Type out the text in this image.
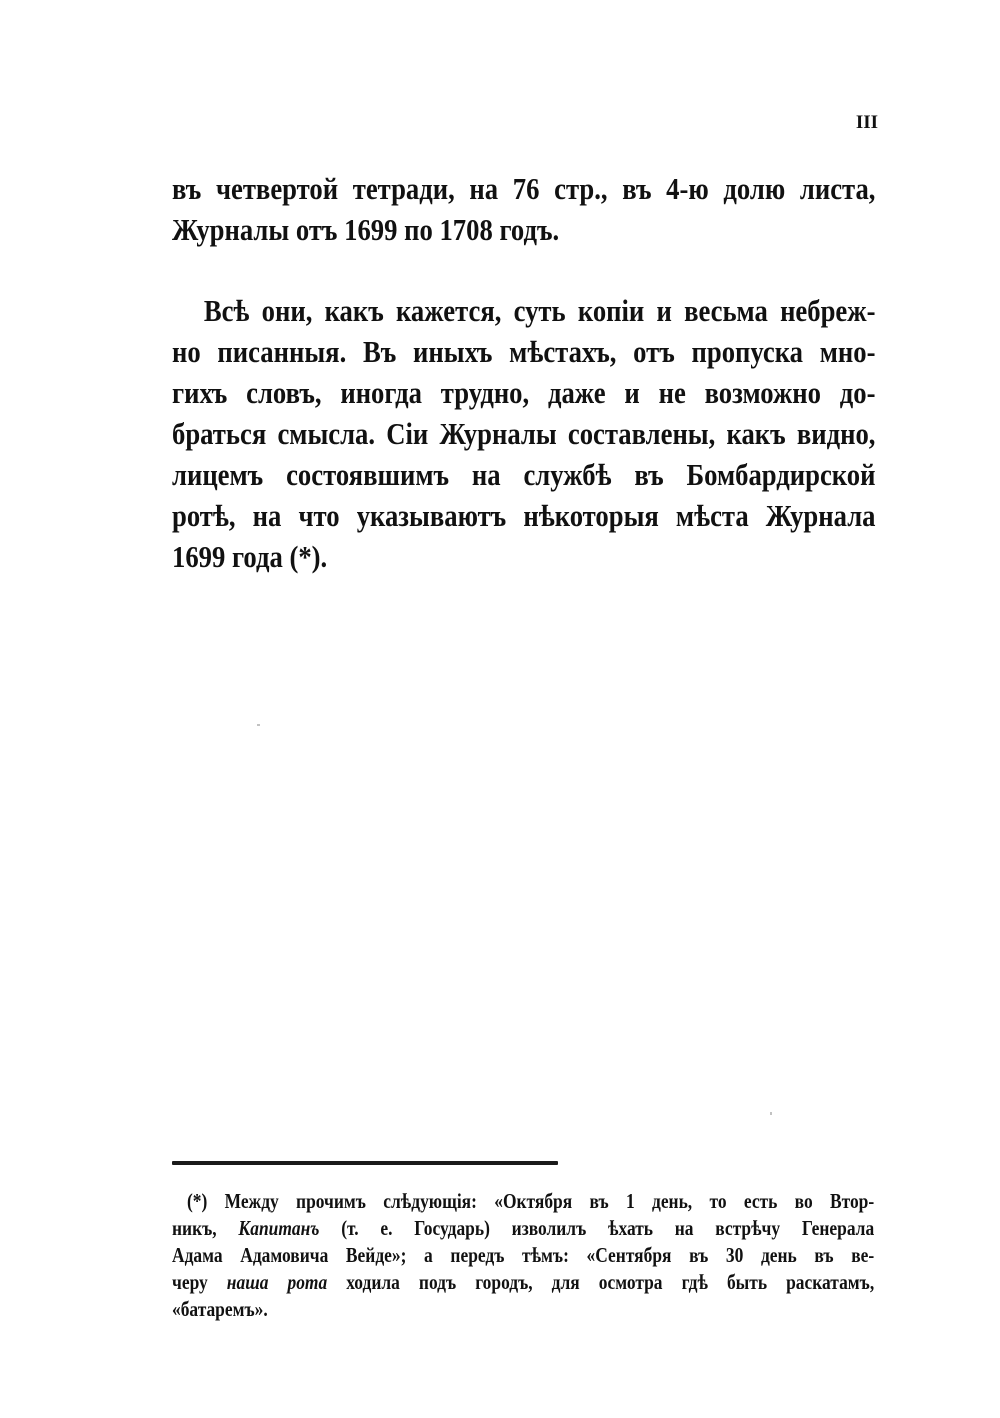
III
въ четвертой тетради, на 76 стр., въ 4-ю долю листа,
Журналы отъ 1699 по 1708 годъ.
Всѣ они, какъ кажется, суть копіи и весьма небреж-
но писанныя. Въ иныхъ мѣстахъ, отъ пропуска мно-
гихъ словъ, иногда трудно, даже и не возможно до-
браться смысла. Сіи Журналы составлены, какъ видно,
лицемъ состоявшимъ на службѣ въ Бомбардирской
ротѣ, на что указываютъ нѣкоторыя мѣста Журнала
1699 года (*).
(*) Между прочимъ слѣдующія: «Октября въ 1 день, то есть во Втор-
никъ, Капитанъ (т. е. Государь) изволилъ ѣхать на встрѣчу Генерала
Адама Адамовича Вейде»; а передъ тѣмъ: «Сентября въ 30 день въ ве-
черу наша рота ходила подъ городъ, для осмотра гдѣ быть раскатамъ,
«батаремъ».
